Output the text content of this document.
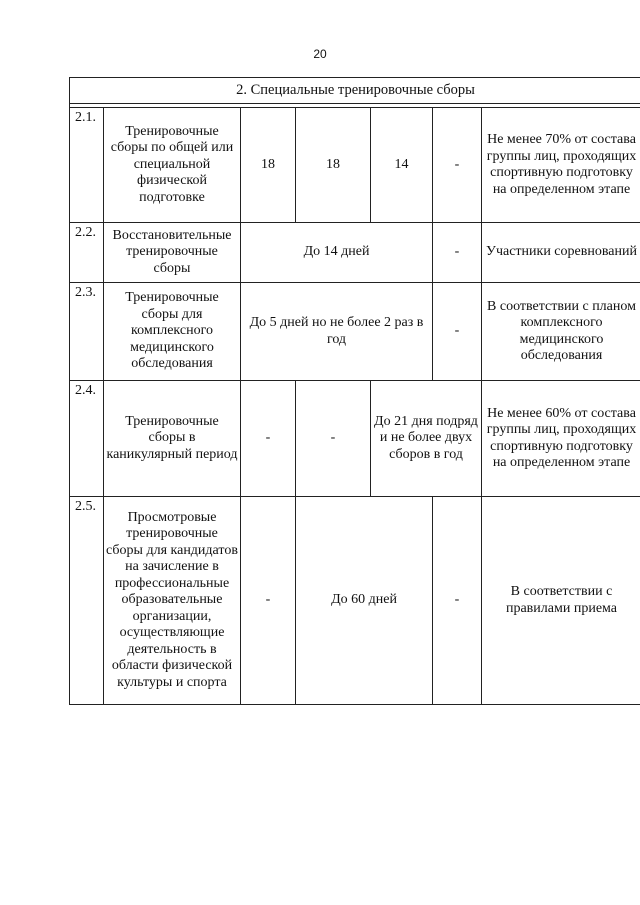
20
2. Специальные тренировочные сборы						

2.1.	Тренировочные сборы по общей или специальной физической подготовке	18	18	14	-	Не менее 70% от состава группы лиц, проходящих спортивную подготовку на определенном этапе
2.2.	Восстановительные тренировочные сборы	До 14 дней			-	Участники соревнований
2.3.	Тренировочные сборы для комплексного медицинского обследования	До 5 дней но не более 2 раз в год			-	В соответствии с планом комплексного медицинского обследования
2.4.	Тренировочные сборы в каникулярный период	-	-	До 21 дня подряд и не более двух сборов в год		Не менее 60% от состава группы лиц, проходящих спортивную подготовку на определенном этапе
2.5.	Просмотровые тренировочные сборы для кандидатов на зачисление в профессиональные образовательные организации, осуществляющие деятельность в области физической культуры и спорта	-	До 60 дней		-	В соответствии с правилами приема
